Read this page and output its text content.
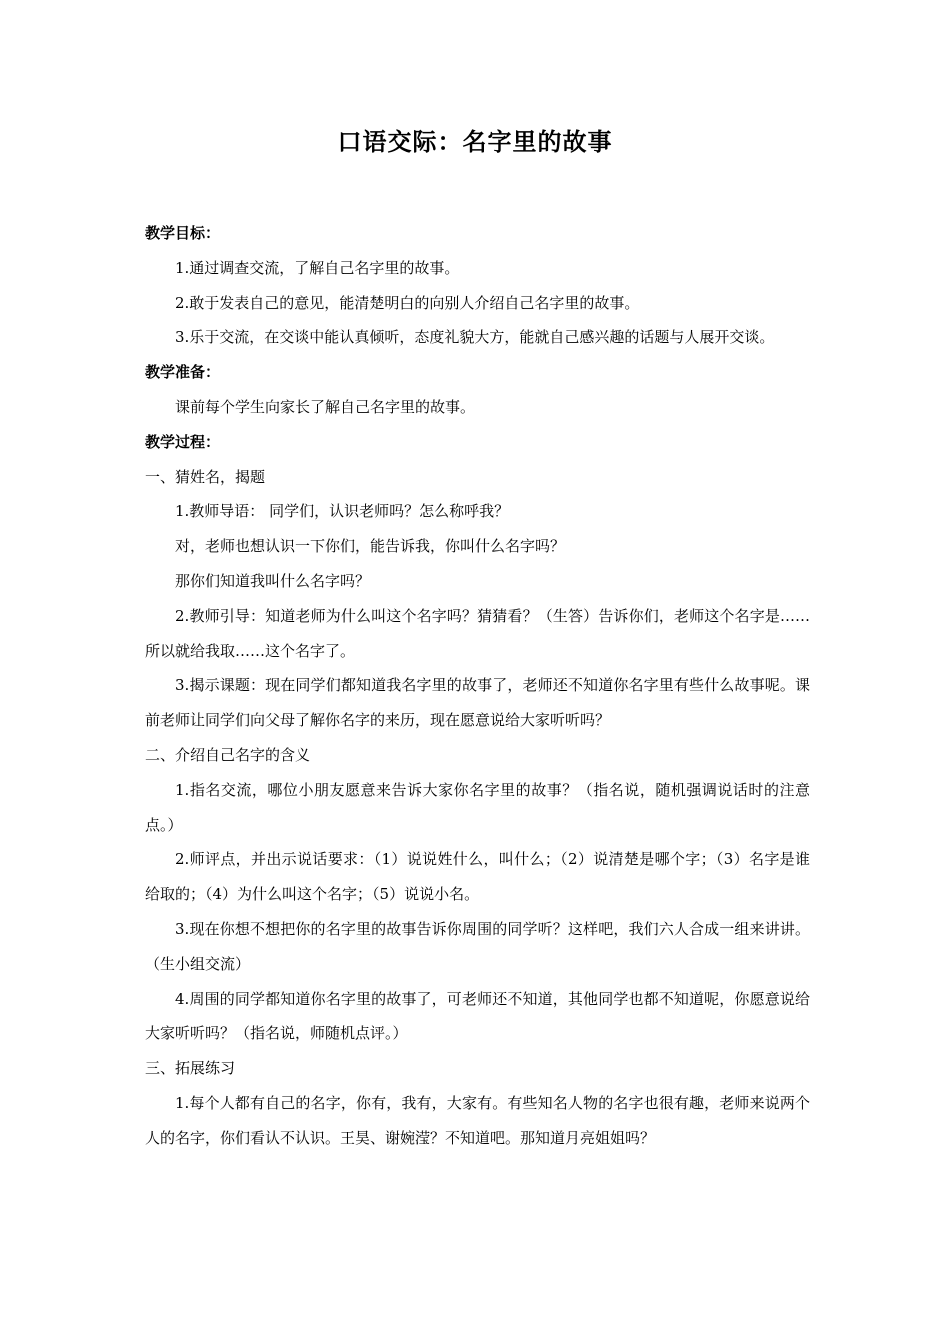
口语交际：名字里的故事

教学目标：

1.通过调查交流，了解自己名字里的故事。

2.敢于发表自己的意见，能清楚明白的向别人介绍自己名字里的故事。

3.乐于交流，在交谈中能认真倾听，态度礼貌大方，能就自己感兴趣的话题与人展开交谈。

教学准备：

课前每个学生向家长了解自己名字里的故事。

教学过程：

一、猜姓名，揭题

1.教师导语： 同学们，认识老师吗？怎么称呼我？

对，老师也想认识一下你们，能告诉我，你叫什么名字吗？

那你们知道我叫什么名字吗？

2.教师引导：知道老师为什么叫这个名字吗？猜猜看？（生答）告诉你们，老师这个名字是……所以就给我取……这个名字了。

3.揭示课题：现在同学们都知道我名字里的故事了，老师还不知道你名字里有些什么故事呢。课前老师让同学们向父母了解你名字的来历，现在愿意说给大家听听吗？

二、介绍自己名字的含义

1.指名交流，哪位小朋友愿意来告诉大家你名字里的故事？（指名说，随机强调说话时的注意点。）

2.师评点，并出示说话要求：（1）说说姓什么，叫什么；（2）说清楚是哪个字；（3）名字是谁给取的；（4）为什么叫这个名字；（5）说说小名。

3.现在你想不想把你的名字里的故事告诉你周围的同学听？这样吧，我们六人合成一组来讲讲。（生小组交流）

4.周围的同学都知道你名字里的故事了，可老师还不知道，其他同学也都不知道呢，你愿意说给大家听听吗？（指名说，师随机点评。）

三、拓展练习

1.每个人都有自己的名字，你有，我有，大家有。有些知名人物的名字也很有趣，老师来说两个人的名字，你们看认不认识。王昊、谢婉滢？不知道吧。那知道月亮姐姐吗？
